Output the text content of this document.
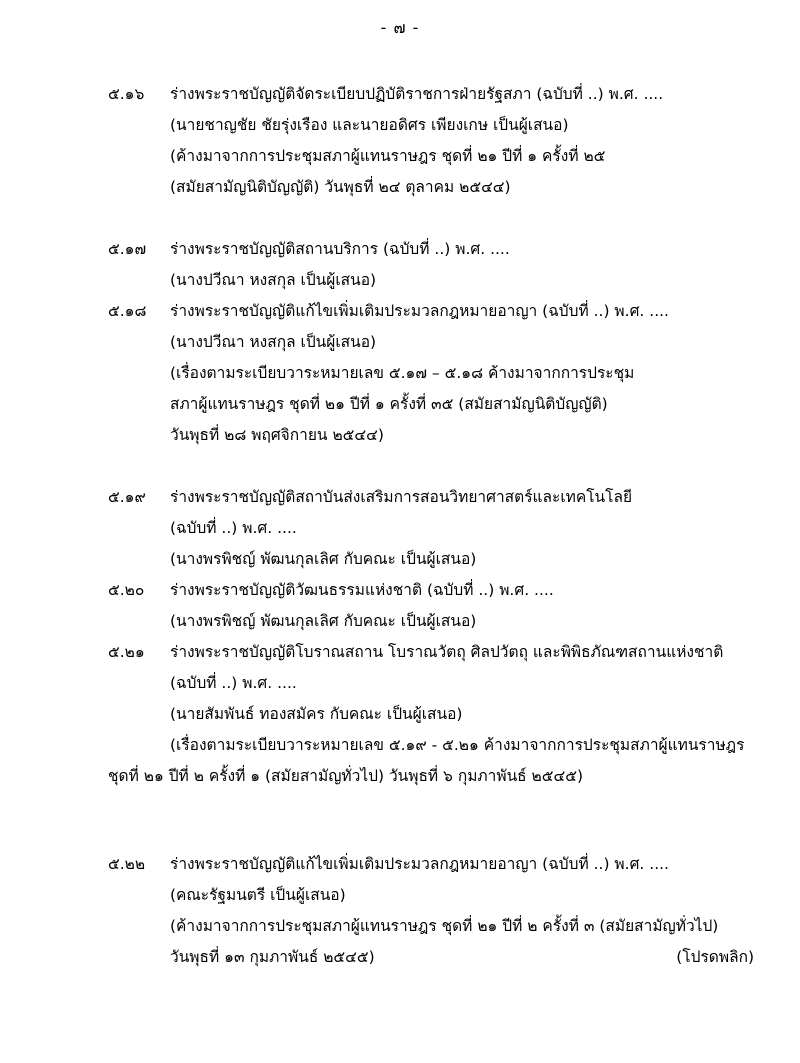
- ๗ -
๕.๑๖	ร่างพระราชบัญญัติจัดระเบียบปฏิบัติราชการฝ่ายรัฐสภา (ฉบับที่ ..) พ.ศ. ....
(นายชาญชัย ชัยรุ่งเรือง และนายอดิศร เพียงเกษ เป็นผู้เสนอ)
(ค้างมาจากการประชุมสภาผู้แทนราษฎร ชุดที่ ๒๑ ปีที่ ๑ ครั้งที่ ๒๕
(สมัยสามัญนิติบัญญัติ) วันพุธที่ ๒๔ ตุลาคม ๒๕๔๔)
๕.๑๗	ร่างพระราชบัญญัติสถานบริการ (ฉบับที่ ..) พ.ศ. ....
(นางปวีณา หงสกุล เป็นผู้เสนอ)
๕.๑๘	ร่างพระราชบัญญัติแก้ไขเพิ่มเติมประมวลกฎหมายอาญา (ฉบับที่ ..) พ.ศ. ....
(นางปวีณา หงสกุล เป็นผู้เสนอ)
(เรื่องตามระเบียบวาระหมายเลข ๕.๑๗ – ๕.๑๘ ค้างมาจากการประชุม
สภาผู้แทนราษฎร ชุดที่ ๒๑ ปีที่ ๑ ครั้งที่ ๓๕ (สมัยสามัญนิติบัญญัติ)
วันพุธที่ ๒๘ พฤศจิกายน ๒๕๔๔)
๕.๑๙	ร่างพระราชบัญญัติสถาบันส่งเสริมการสอนวิทยาศาสตร์และเทคโนโลยี
(ฉบับที่ ..) พ.ศ. ....
(นางพรพิชญ์ พัฒนกุลเลิศ กับคณะ เป็นผู้เสนอ)
๕.๒๐	ร่างพระราชบัญญัติวัฒนธรรมแห่งชาติ (ฉบับที่ ..) พ.ศ. ....
(นางพรพิชญ์ พัฒนกุลเลิศ กับคณะ เป็นผู้เสนอ)
๕.๒๑	ร่างพระราชบัญญัติโบราณสถาน โบราณวัตถุ ศิลปวัตถุ และพิพิธภัณฑสถานแห่งชาติ
(ฉบับที่ ..) พ.ศ. ....
(นายสัมพันธ์ ทองสมัคร กับคณะ เป็นผู้เสนอ)
(เรื่องตามระเบียบวาระหมายเลข ๕.๑๙ - ๕.๒๑ ค้างมาจากการประชุมสภาผู้แทนราษฎร
ชุดที่ ๒๑ ปีที่ ๒ ครั้งที่ ๑ (สมัยสามัญทั่วไป) วันพุธที่ ๖ กุมภาพันธ์ ๒๕๔๕)
๕.๒๒	ร่างพระราชบัญญัติแก้ไขเพิ่มเติมประมวลกฎหมายอาญา (ฉบับที่ ..) พ.ศ. ....
(คณะรัฐมนตรี เป็นผู้เสนอ)
(ค้างมาจากการประชุมสภาผู้แทนราษฎร ชุดที่ ๒๑ ปีที่ ๒ ครั้งที่ ๓ (สมัยสามัญทั่วไป)
วันพุธที่ ๑๓ กุมภาพันธ์ ๒๕๔๕)	(โปรดพลิก)
